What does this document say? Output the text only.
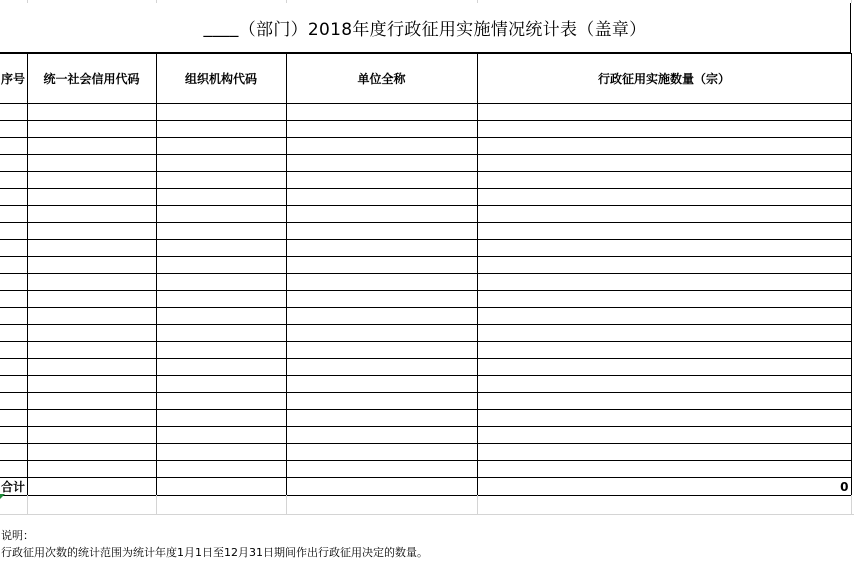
____ （部门）2018年度行政征用实施情况统计表（盖章）
序号	统一社会信用代码	组织机构代码	单位全称	行政征用实施数量（宗）

合计				0
说明：
行政征用次数的统计范围为统计年度1月1日至12月31日期间作出行政征用决定的数量。
